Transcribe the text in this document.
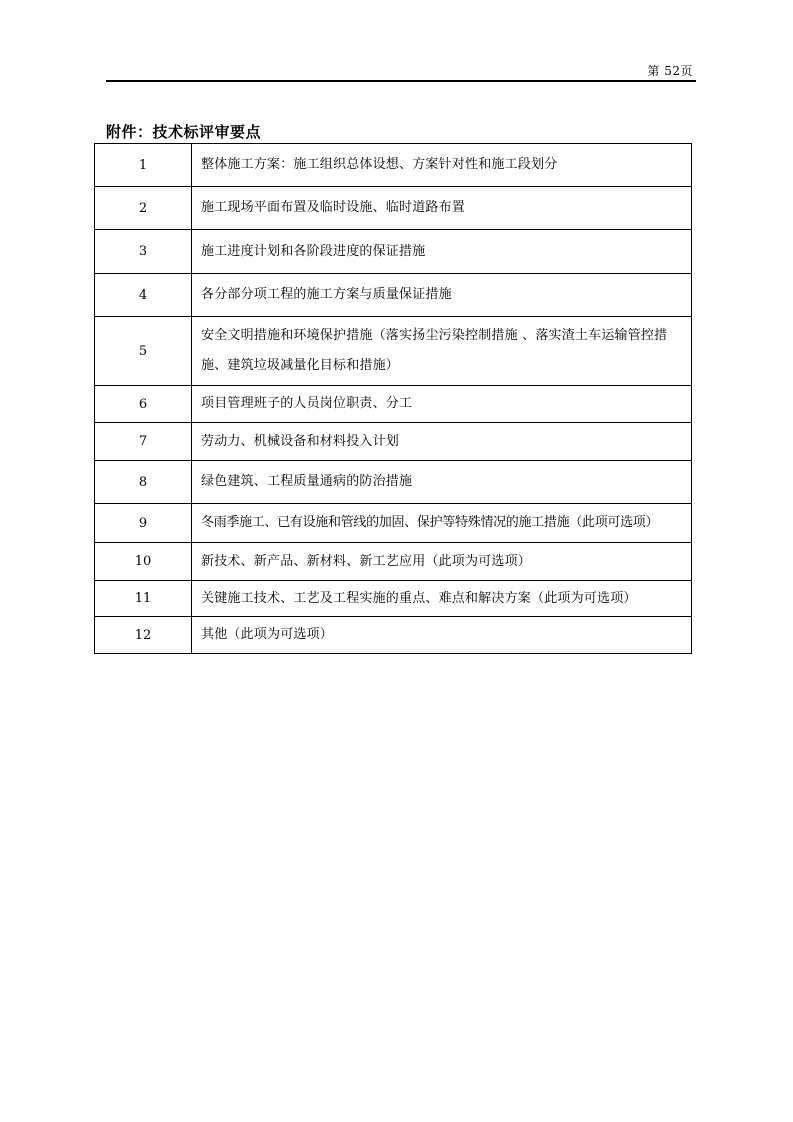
第 52页
附件：技术标评审要点
1	整体施工方案：施工组织总体设想、方案针对性和施工段划分
2	施工现场平面布置及临时设施、临时道路布置
3	施工进度计划和各阶段进度的保证措施
4	各分部分项工程的施工方案与质量保证措施
5	安全文明措施和环境保护措施（落实扬尘污染控制措施 、落实渣土车运输管控措施、建筑垃圾减量化目标和措施）
6	项目管理班子的人员岗位职责、分工
7	劳动力、机械设备和材料投入计划
8	绿色建筑、工程质量通病的防治措施
9	冬雨季施工、已有设施和管线的加固、保护等特殊情况的施工措施（此项可选项）
10	新技术、新产品、新材料、新工艺应用（此项为可选项）
11	关键施工技术、工艺及工程实施的重点、难点和解决方案（此项为可选项）
12	其他（此项为可选项）
